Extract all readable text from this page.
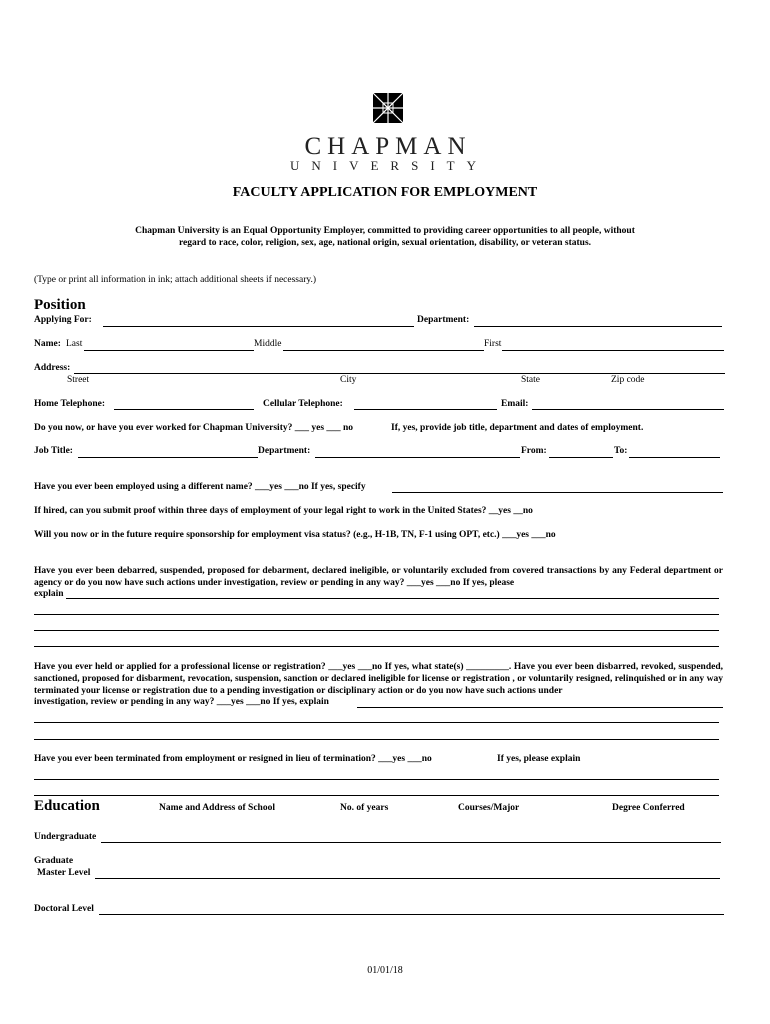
CHAPMAN
UNIVERSITY
FACULTY APPLICATION FOR EMPLOYMENT
Chapman University is an Equal Opportunity Employer, committed to providing career opportunities to all people, without
regard to race, color, religion, sex, age, national origin, sexual orientation, disability, or veteran status.
(Type or print all information in ink; attach additional sheets if necessary.)
Position
Applying For:	Department:
Name: Last	Middle	First
Address:
Street	City	State	Zip code
Home Telephone:	Cellular Telephone:	Email:
Do you now, or have you ever worked for Chapman University? ___ yes ___ no	If, yes, provide job title, department and dates of employment.
Job Title:	Department:	From:	To:
Have you ever been employed using a different name? ___yes ___no If yes, specify
If hired, can you submit proof within three days of employment of your legal right to work in the United States? __yes __no
Will you now or in the future require sponsorship for employment visa status? (e.g., H-1B, TN, F-1 using OPT, etc.) ___yes ___no
Have you ever been debarred, suspended, proposed for debarment, declared ineligible, or voluntarily excluded from covered transactions by any Federal department or agency or do you now have such actions under investigation, review or pending in any way? ___yes ___no If yes, please
explain
Have you ever held or applied for a professional license or registration? ___yes ___no If yes, what state(s) _________. Have you ever been disbarred, revoked, suspended, sanctioned, proposed for disbarment, revocation, suspension, sanction or declared ineligible for license or registration , or voluntarily resigned, relinquished or in any way terminated your license or registration due to a pending investigation or disciplinary action or do you now have such actions under
investigation, review or pending in any way? ___yes ___no If yes, explain
Have you ever been terminated from employment or resigned in lieu of termination? ___yes ___no	If yes, please explain
Education	Name and Address of School	No. of years	Courses/Major	Degree Conferred
Undergraduate
Graduate
Master Level
Doctoral Level
01/01/18
